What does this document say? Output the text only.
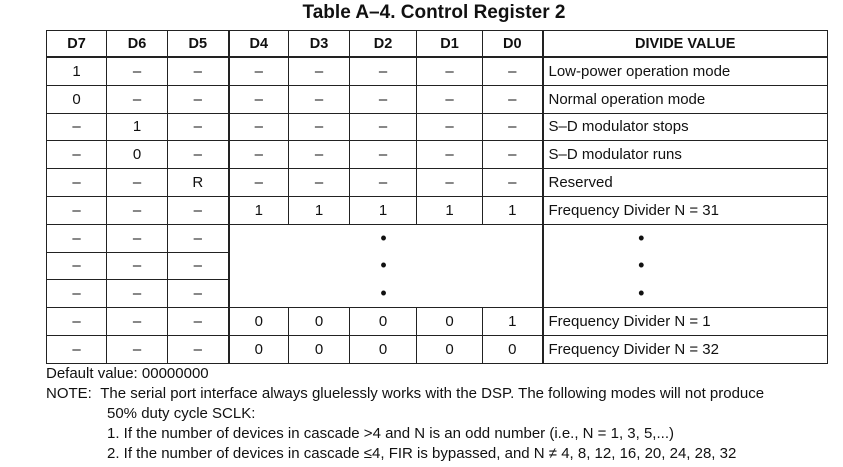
Table A–4. Control Register 2
D7	D6	D5	D4	D3	D2	D1	D0	DIVIDE VALUE
1	–	–	–	–	–	–	–	Low-power operation mode
0	–	–	–	–	–	–	–	Normal operation mode
–	1	–	–	–	–	–	–	S–D modulator stops
–	0	–	–	–	–	–	–	S–D modulator runs
–	–	R	–	–	–	–	–	Reserved
–	–	–	1	1	1	1	1	Frequency Divider N = 31
–	–	–	•					•
–	–	–	•					•
–	–	–	•					•
–	–	–	0	0	0	0	1	Frequency Divider N = 1
–	–	–	0	0	0	0	0	Frequency Divider N = 32
Default value: 00000000
NOTE: The serial port interface always gluelessly works with the DSP. The following modes will not produce
50% duty cycle SCLK:
1. If the number of devices in cascade >4 and N is an odd number (i.e., N = 1, 3, 5,...)
2. If the number of devices in cascade ≤4, FIR is bypassed, and N ≠ 4, 8, 12, 16, 20, 24, 28, 32
